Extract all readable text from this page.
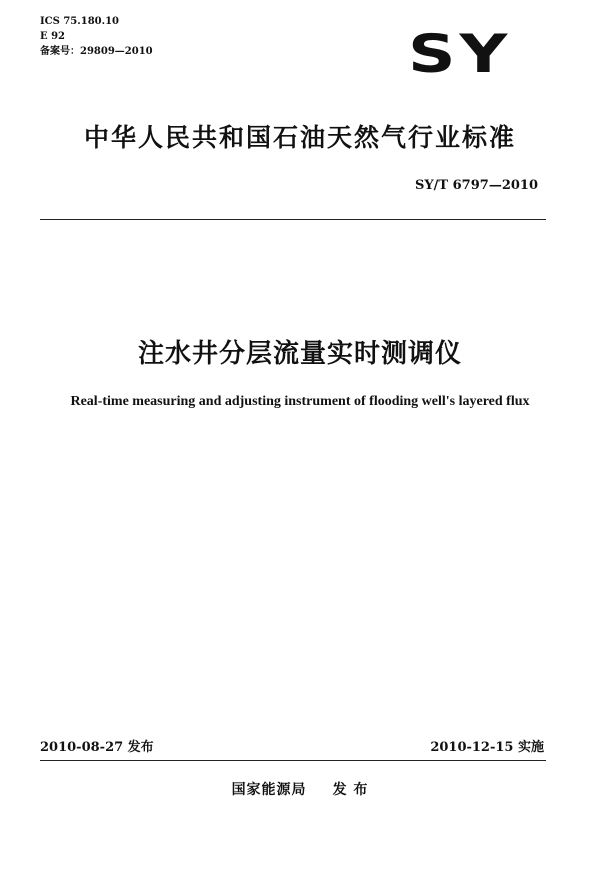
ICS 75.180.10
E 92
备案号：29809—2010	SY
中华人民共和国石油天然气行业标准
SY/T 6797—2010
注水井分层流量实时测调仪
Real-time measuring and adjusting instrument of flooding well's layered flux
2010-08-27 发布	2010-12-15 实施
国家能源局 发 布
